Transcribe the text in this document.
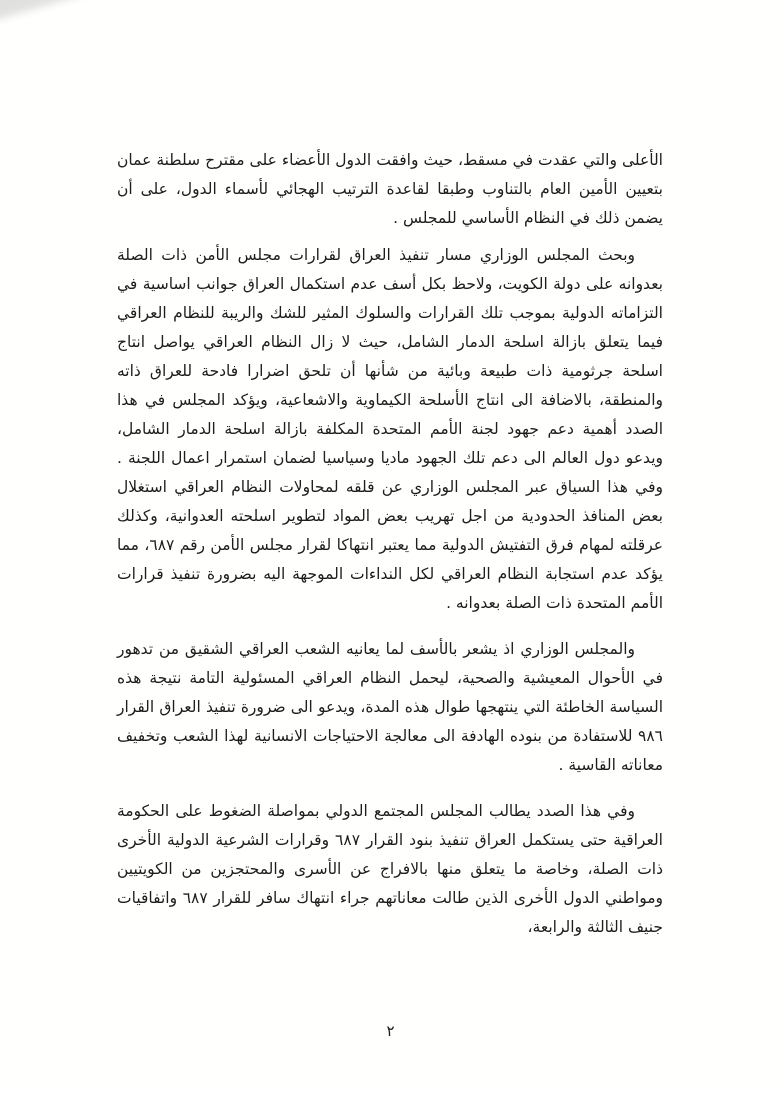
الأعلى والتي عقدت في مسقط، حيث وافقت الدول الأعضاء على مقترح سلطنة عمان بتعيين الأمين العام بالتناوب وطبقا لقاعدة الترتيب الهجائي لأسماء الدول، على أن يضمن ذلك في النظام الأساسي للمجلس .

وبحث المجلس الوزاري مسار تنفيذ العراق لقرارات مجلس الأمن ذات الصلة بعدوانه على دولة الكويت، ولاحظ بكل أسف عدم استكمال العراق جوانب اساسية في التزاماته الدولية بموجب تلك القرارات والسلوك المثير للشك والريبة للنظام العراقي فيما يتعلق بازالة اسلحة الدمار الشامل، حيث لا زال النظام العراقي يواصل انتاج اسلحة جرثومية ذات طبيعة وبائية من شأنها أن تلحق اضرارا فادحة للعراق ذاته والمنطقة، بالاضافة الى انتاج الأسلحة الكيماوية والاشعاعية، ويؤكد المجلس في هذا الصدد أهمية دعم جهود لجنة الأمم المتحدة المكلفة بازالة اسلحة الدمار الشامل، ويدعو دول العالم الى دعم تلك الجهود ماديا وسياسيا لضمان استمرار اعمال اللجنة . وفي هذا السياق عبر المجلس الوزاري عن قلقه لمحاولات النظام العراقي استغلال بعض المنافذ الحدودية من اجل تهريب بعض المواد لتطوير اسلحته العدوانية، وكذلك عرقلته لمهام فرق التفتيش الدولية مما يعتبر انتهاكا لقرار مجلس الأمن رقم ٦٨٧، مما يؤكد عدم استجابة النظام العراقي لكل النداءات الموجهة اليه بضرورة تنفيذ قرارات الأمم المتحدة ذات الصلة بعدوانه .

والمجلس الوزاري اذ يشعر بالأسف لما يعانيه الشعب العراقي الشقيق من تدهور في الأحوال المعيشية والصحية، ليحمل النظام العراقي المسئولية التامة نتيجة هذه السياسة الخاطئة التي ينتهجها طوال هذه المدة، ويدعو الى ضرورة تنفيذ العراق القرار ٩٨٦ للاستفادة من بنوده الهادفة الى معالجة الاحتياجات الانسانية لهذا الشعب وتخفيف معاناته القاسية .

وفي هذا الصدد يطالب المجلس المجتمع الدولي بمواصلة الضغوط على الحكومة العراقية حتى يستكمل العراق تنفيذ بنود القرار ٦٨٧ وقرارات الشرعية الدولية الأخرى ذات الصلة، وخاصة ما يتعلق منها بالافراج عن الأسرى والمحتجزين من الكويتيين ومواطني الدول الأخرى الذين طالت معاناتهم جراء انتهاك سافر للقرار ٦٨٧ واتفاقيات جنيف الثالثة والرابعة،

٢
